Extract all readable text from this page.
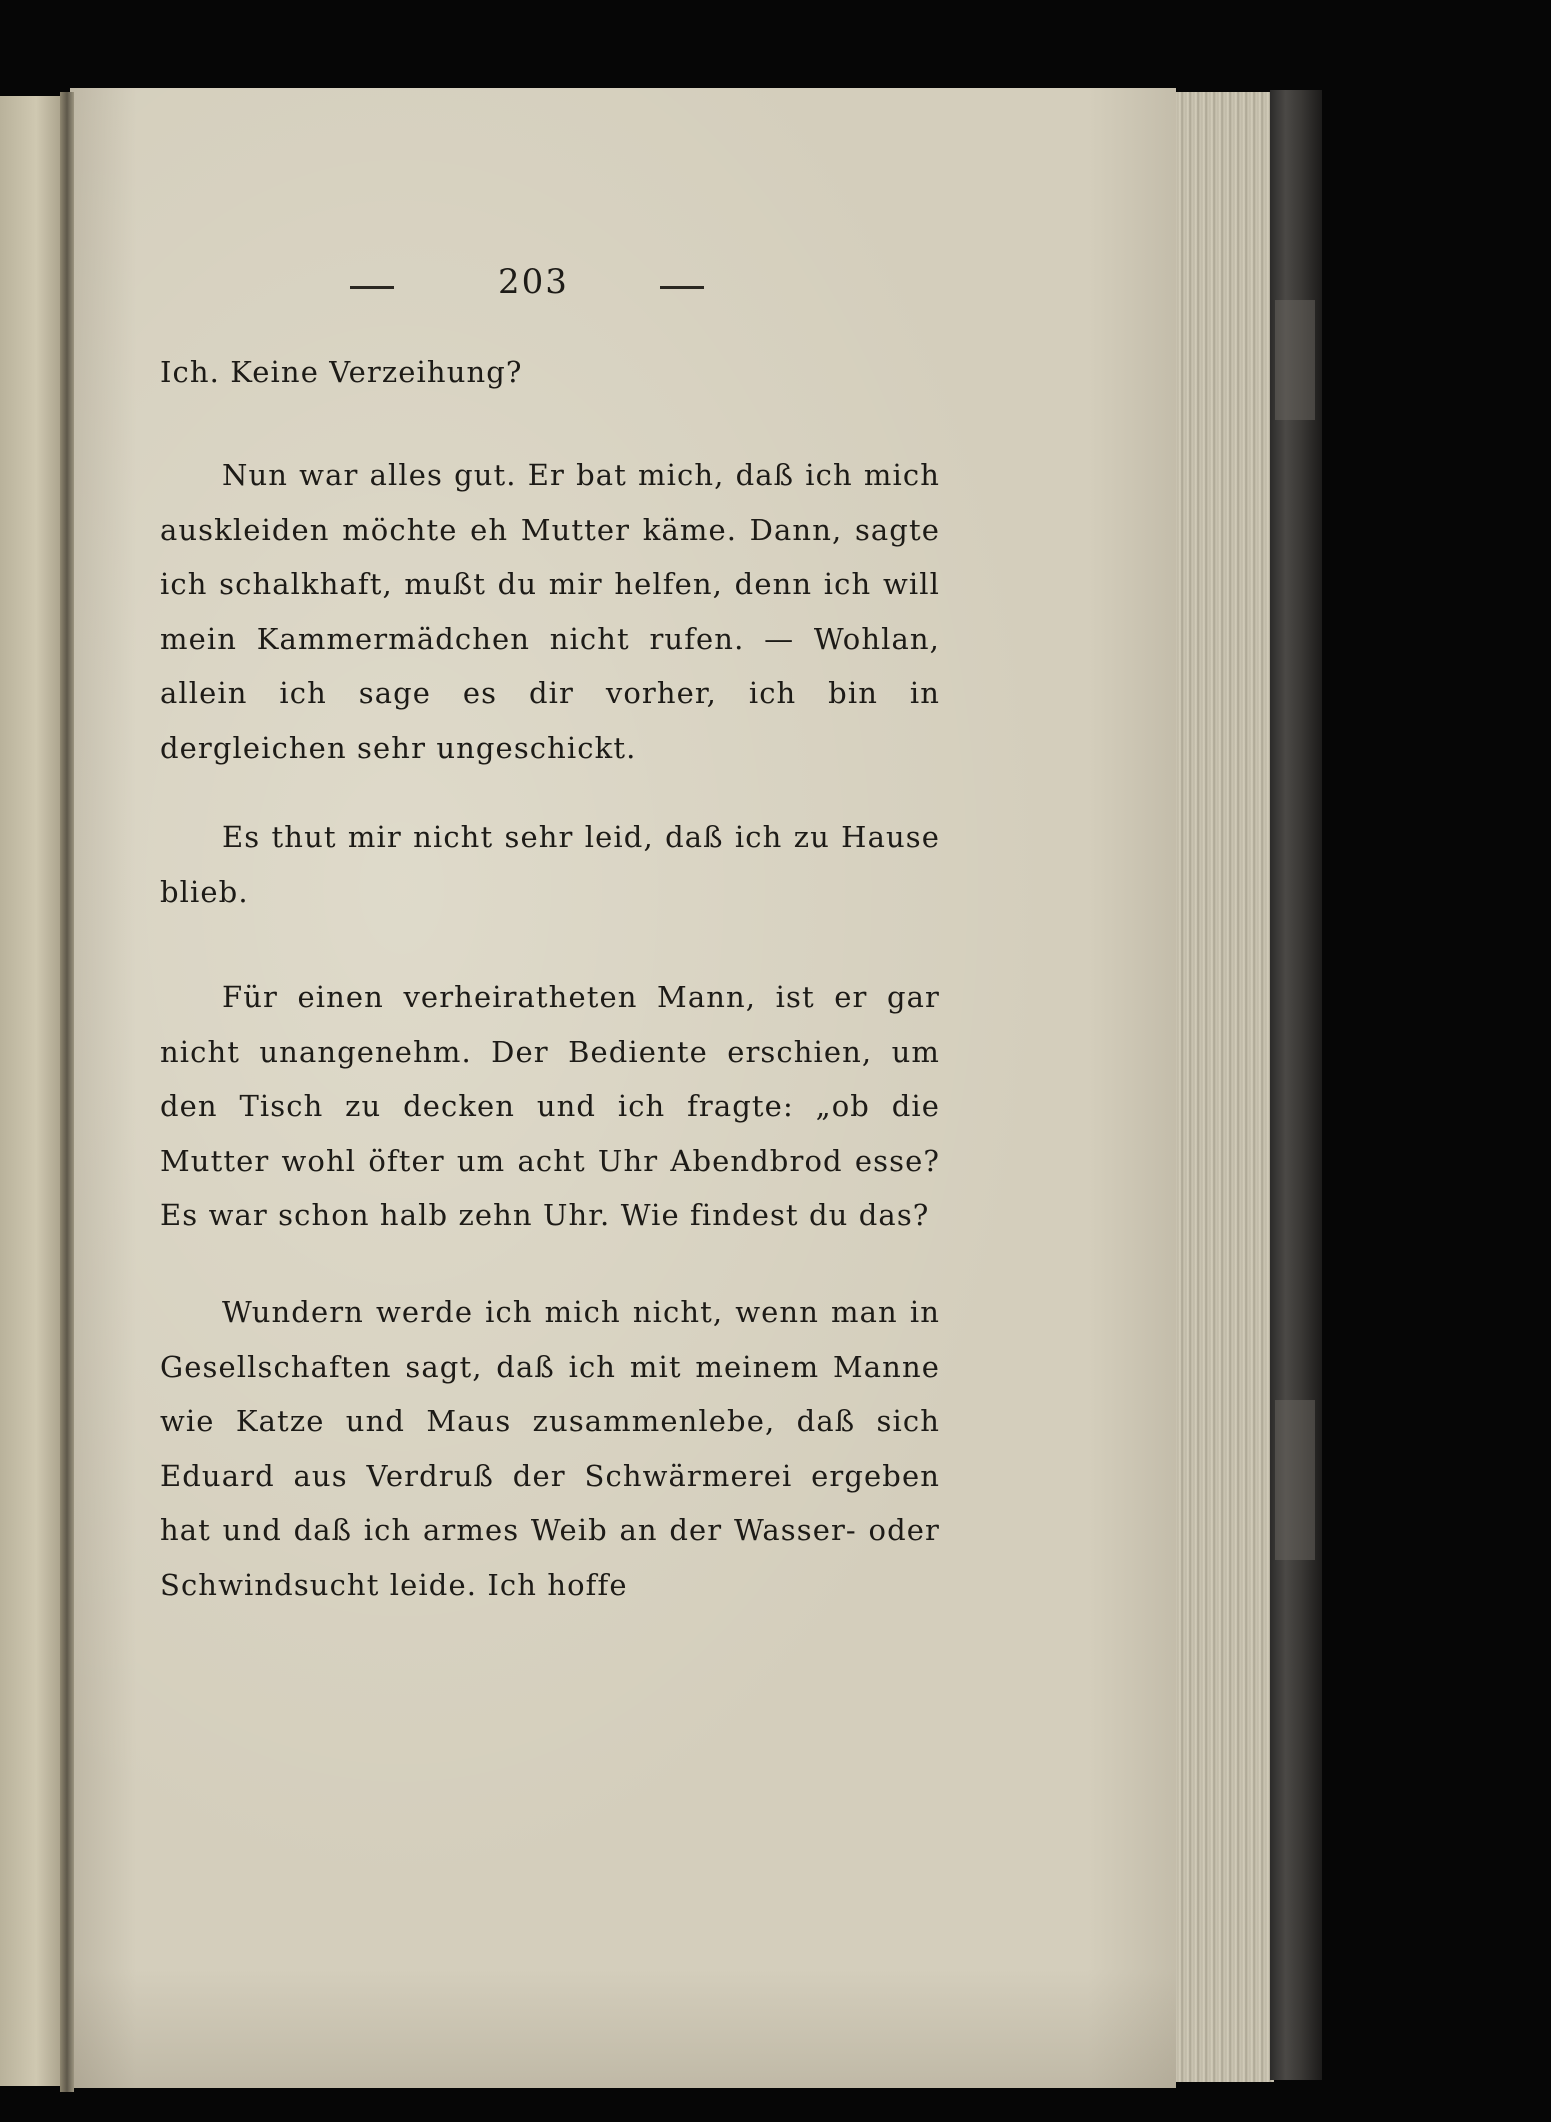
203

Ich. Keine Verzeihung?

Nun war alles gut. Er bat mich, daß ich mich auskleiden möchte eh Mutter käme. Dann, sagte ich schalkhaft, mußt du mir helfen, denn ich will mein Kammermädchen nicht rufen. — Wohlan, allein ich sage es dir vorher, ich bin in dergleichen sehr ungeschickt.

Es thut mir nicht sehr leid, daß ich zu Hause blieb.

Für einen verheiratheten Mann, ist er gar nicht unangenehm. Der Bediente erschien, um den Tisch zu decken und ich fragte: „ob die Mutter wohl öfter um acht Uhr Abendbrod esse? Es war schon halb zehn Uhr. Wie findest du das?

Wundern werde ich mich nicht, wenn man in Gesellschaften sagt, daß ich mit meinem Manne wie Katze und Maus zusammenlebe, daß sich Eduard aus Verdruß der Schwärmerei ergeben hat und daß ich armes Weib an der Wasser- oder Schwindsucht leide. Ich hoffe
